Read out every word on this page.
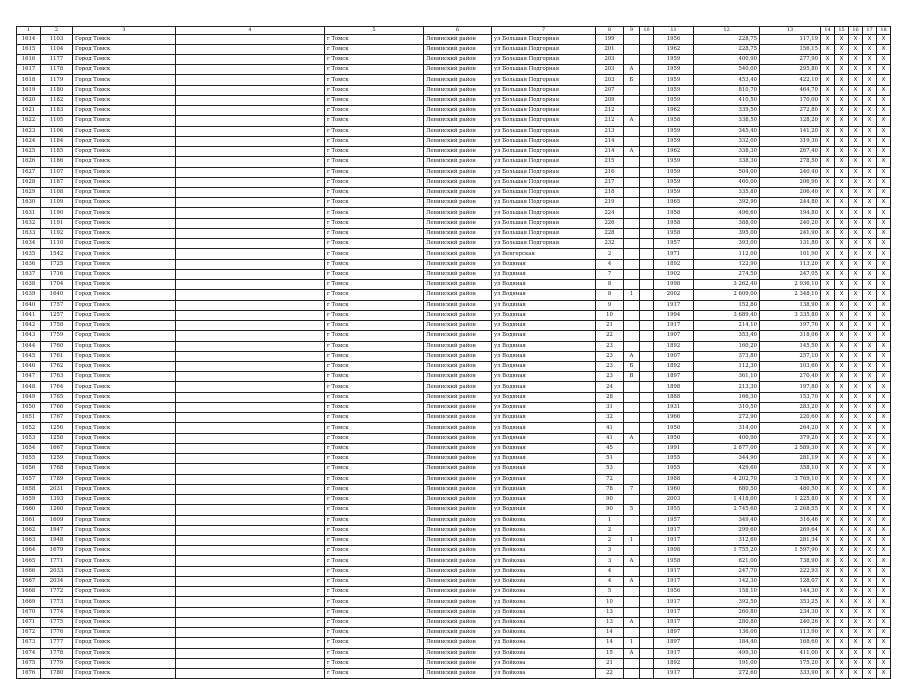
1	2	3	4	5	6	7	8	9	10	11	12	13	14	15	16	17	18
1614	1103	Город Томск		г Томск	Ленинский район	ул Большая Подгорная	199			1956	228,75	117,19	X	X	X	X	X
1615	1104	Город Томск		г Томск	Ленинский район	ул Большая Подгорная	201			1962	228,75	156,15	X	X	X	X	X
1616	1177	Город Томск		г Томск	Ленинский район	ул Большая Подгорная	203			1959	400,90	277,90	X	X	X	X	X
1617	1178	Город Томск		г Томск	Ленинский район	ул Большая Подгорная	203	А		1959	540,00	295,80	X	X	X	X	X
1618	1179	Город Томск		г Томск	Ленинский район	ул Большая Подгорная	203	Б		1959	453,40	422,10	X	X	X	X	X
1619	1180	Город Томск		г Томск	Ленинский район	ул Большая Подгорная	207			1959	810,70	464,70	X	X	X	X	X
1620	1182	Город Томск		г Томск	Ленинский район	ул Большая Подгорная	209			1959	410,50	170,00	X	X	X	X	X
1621	1183	Город Томск		г Томск	Ленинский район	ул Большая Подгорная	212			1962	339,50	272,80	X	X	X	X	X
1622	1105	Город Томск		г Томск	Ленинский район	ул Большая Подгорная	212	А		1958	338,50	128,20	X	X	X	X	X
1623	1106	Город Томск		г Томск	Ленинский район	ул Большая Подгорная	213			1959	345,40	141,20	X	X	X	X	X
1624	1184	Город Томск		г Томск	Ленинский район	ул Большая Подгорная	214			1959	332,00	319,30	X	X	X	X	X
1625	1185	Город Томск		г Томск	Ленинский район	ул Большая Подгорная	214	А		1962	338,30	267,40	X	X	X	X	X
1626	1186	Город Томск		г Томск	Ленинский район	ул Большая Подгорная	215			1959	338,30	278,50	X	X	X	X	X
1627	1107	Город Томск		г Томск	Ленинский район	ул Большая Подгорная	216			1959	504,00	240,40	X	X	X	X	X
1628	1187	Город Томск		г Томск	Ленинский район	ул Большая Подгорная	217			1959	460,00	206,90	X	X	X	X	X
1629	1108	Город Томск		г Томск	Ленинский район	ул Большая Подгорная	218			1959	335,80	206,40	X	X	X	X	X
1630	1109	Город Томск		г Томск	Ленинский район	ул Большая Подгорная	219			1965	392,90	244,80	X	X	X	X	X
1631	1190	Город Томск		г Томск	Ленинский район	ул Большая Подгорная	224			1958	496,60	194,80	X	X	X	X	X
1632	1191	Город Томск		г Томск	Ленинский район	ул Большая Подгорная	226			1958	388,00	240,20	X	X	X	X	X
1633	1192	Город Томск		г Томск	Ленинский район	ул Большая Подгорная	228			1958	395,00	241,90	X	X	X	X	X
1634	1110	Город Томск		г Томск	Ленинский район	ул Большая Подгорная	232			1957	393,00	131,80	X	X	X	X	X
1635	1542	Город Томск		г Томск	Ленинский район	ул Венгерская	2			1971	112,00	101,90	X	X	X	X	X
1636	1725	Город Томск		г Томск	Ленинский район	ул Водяная	4			1892	122,90	113,20	X	X	X	X	X
1637	1716	Город Томск		г Томск	Ленинский район	ул Водяная	7			1902	274,50	247,05	X	X	X	X	X
1638	1704	Город Томск		г Томск	Ленинский район	ул Водяная	8			1998	3 262,40	2 936,10	X	X	X	X	X
1639	1640	Город Томск		г Томск	Ленинский район	ул Водяная	8	1		2002	2 609,00	2 348,10	X	X	X	X	X
1640	1757	Город Томск		г Томск	Ленинский район	ул Водяная	9			1917	152,80	138,90	X	X	X	X	X
1641	1257	Город Томск		г Томск	Ленинский район	ул Водяная	10			1994	3 689,40	3 335,80	X	X	X	X	X
1642	1758	Город Томск		г Томск	Ленинский район	ул Водяная	21			1917	214,10	197,70	X	X	X	X	X
1643	1759	Город Томск		г Томск	Ленинский район	ул Водяная	22			1907	353,40	318,06	X	X	X	X	X
1644	1760	Город Томск		г Томск	Ленинский район	ул Водяная	23			1892	160,20	145,50	X	X	X	X	X
1645	1761	Город Томск		г Томск	Ленинский район	ул Водяная	23	А		1907	373,80	257,10	X	X	X	X	X
1646	1762	Город Томск		г Томск	Ленинский район	ул Водяная	23	Б		1892	112,30	103,60	X	X	X	X	X
1647	1763	Город Томск		г Томск	Ленинский район	ул Водяная	23	В		1897	361,10	270,40	X	X	X	X	X
1648	1764	Город Томск		г Томск	Ленинский район	ул Водяная	24			1898	213,30	197,80	X	X	X	X	X
1649	1765	Город Томск		г Томск	Ленинский район	ул Водяная	28			1888	166,30	153,70	X	X	X	X	X
1650	1766	Город Томск		г Томск	Ленинский район	ул Водяная	31			1931	310,50	283,20	X	X	X	X	X
1651	1767	Город Томск		г Томск	Ленинский район	ул Водяная	32			1966	272,90	220,60	X	X	X	X	X
1652	1256	Город Томск		г Томск	Ленинский район	ул Водяная	41			1950	314,00	264,20	X	X	X	X	X
1653	1258	Город Томск		г Томск	Ленинский район	ул Водяная	41	А		1950	400,90	379,20	X	X	X	X	X
1654	1667	Город Томск		г Томск	Ленинский район	ул Водяная	45			1991	2 877,00	2 589,30	X	X	X	X	X
1655	1259	Город Томск		г Томск	Ленинский район	ул Водяная	51			1955	344,90	281,19	X	X	X	X	X
1656	1768	Город Томск		г Томск	Ленинский район	ул Водяная	53			1955	429,60	358,10	X	X	X	X	X
1657	1789	Город Томск		г Томск	Ленинский район	ул Водяная	72			1988	4 202,70	3 769,10	X	X	X	X	X
1658	2031	Город Томск		г Томск	Ленинский район	ул Водяная	78	7		1960	680,50	480,50	X	X	X	X	X
1659	1393	Город Томск		г Томск	Ленинский район	ул Водяная	90			2003	1 418,00	1 225,80	X	X	X	X	X
1660	1260	Город Томск		г Томск	Ленинский район	ул Водяная	90	5		1955	2 745,60	2 268,55	X	X	X	X	X
1661	1609	Город Томск		г Томск	Ленинский район	ул Войкова	1			1957	349,40	316,46	X	X	X	X	X
1662	1947	Город Томск		г Томск	Ленинский район	ул Войкова	2			1917	299,60	269,64	X	X	X	X	X
1663	1948	Город Томск		г Томск	Ленинский район	ул Войкова	2	1		1917	312,60	281,34	X	X	X	X	X
1664	1679	Город Томск		г Томск	Ленинский район	ул Войкова	3			1998	1 755,20	1 597,90	X	X	X	X	X
1665	1771	Город Томск		г Томск	Ленинский район	ул Войкова	3	А		1958	821,00	738,90	X	X	X	X	X
1666	2033	Город Томск		г Томск	Ленинский район	ул Войкова	4			1917	247,70	222,93	X	X	X	X	X
1667	2034	Город Томск		г Томск	Ленинский район	ул Войкова	4	А		1917	142,30	128,07	X	X	X	X	X
1668	1772	Город Томск		г Томск	Ленинский район	ул Войкова	5			1956	158,10	144,30	X	X	X	X	X
1669	1773	Город Томск		г Томск	Ленинский район	ул Войкова	10			1917	392,50	353,25	X	X	X	X	X
1670	1774	Город Томск		г Томск	Ленинский район	ул Войкова	13			1917	260,80	234,30	X	X	X	X	X
1671	1775	Город Томск		г Томск	Ленинский район	ул Войкова	13	А		1917	280,80	240,26	X	X	X	X	X
1672	1776	Город Томск		г Томск	Ленинский район	ул Войкова	14			1897	136,00	113,90	X	X	X	X	X
1673	1777	Город Томск		г Томск	Ленинский район	ул Войкова	14	1		1897	184,40	168,60	X	X	X	X	X
1674	1778	Город Томск		г Томск	Ленинский район	ул Войкова	15	А		1917	499,30	411,00	X	X	X	X	X
1675	1779	Город Томск		г Томск	Ленинский район	ул Войкова	21			1892	191,00	175,20	X	X	X	X	X
1676	1780	Город Томск		г Томск	Ленинский район	ул Войкова	22			1917	272,60	333,90	X	X	X	X	X
